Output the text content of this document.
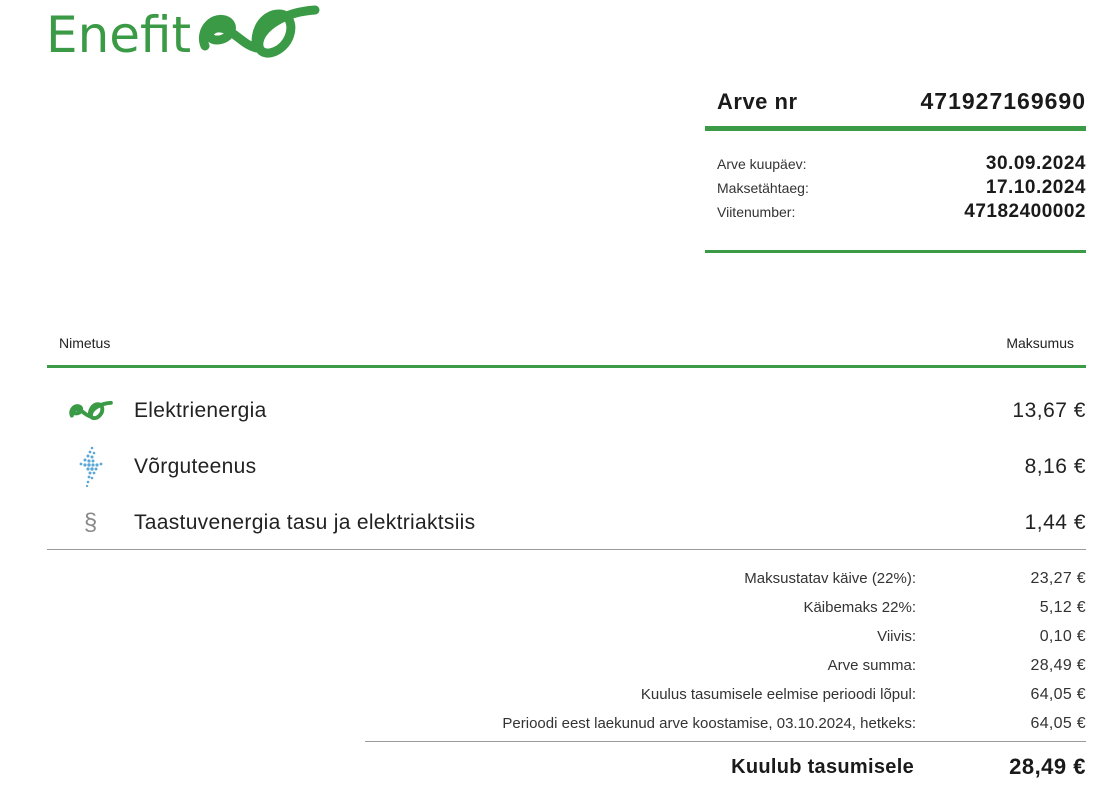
Enefit
Arve nr	471927169690
Arve kuupäev:	30.09.2024
Maksetähtaeg:	17.10.2024
Viitenumber:	47182400002
Nimetus	Maksumus
Elektrienergia	13,67 €
Võrguteenus	8,16 €
§	Taastuvenergia tasu ja elektriaktsiis	1,44 €
Maksustatav käive (22%):	23,27 €
Käibemaks 22%:	5,12 €
Viivis:	0,10 €
Arve summa:	28,49 €
Kuulus tasumisele eelmise perioodi lõpul:	64,05 €
Perioodi eest laekunud arve koostamise, 03.10.2024, hetkeks:	64,05 €
Kuulub tasumisele	28,49 €
